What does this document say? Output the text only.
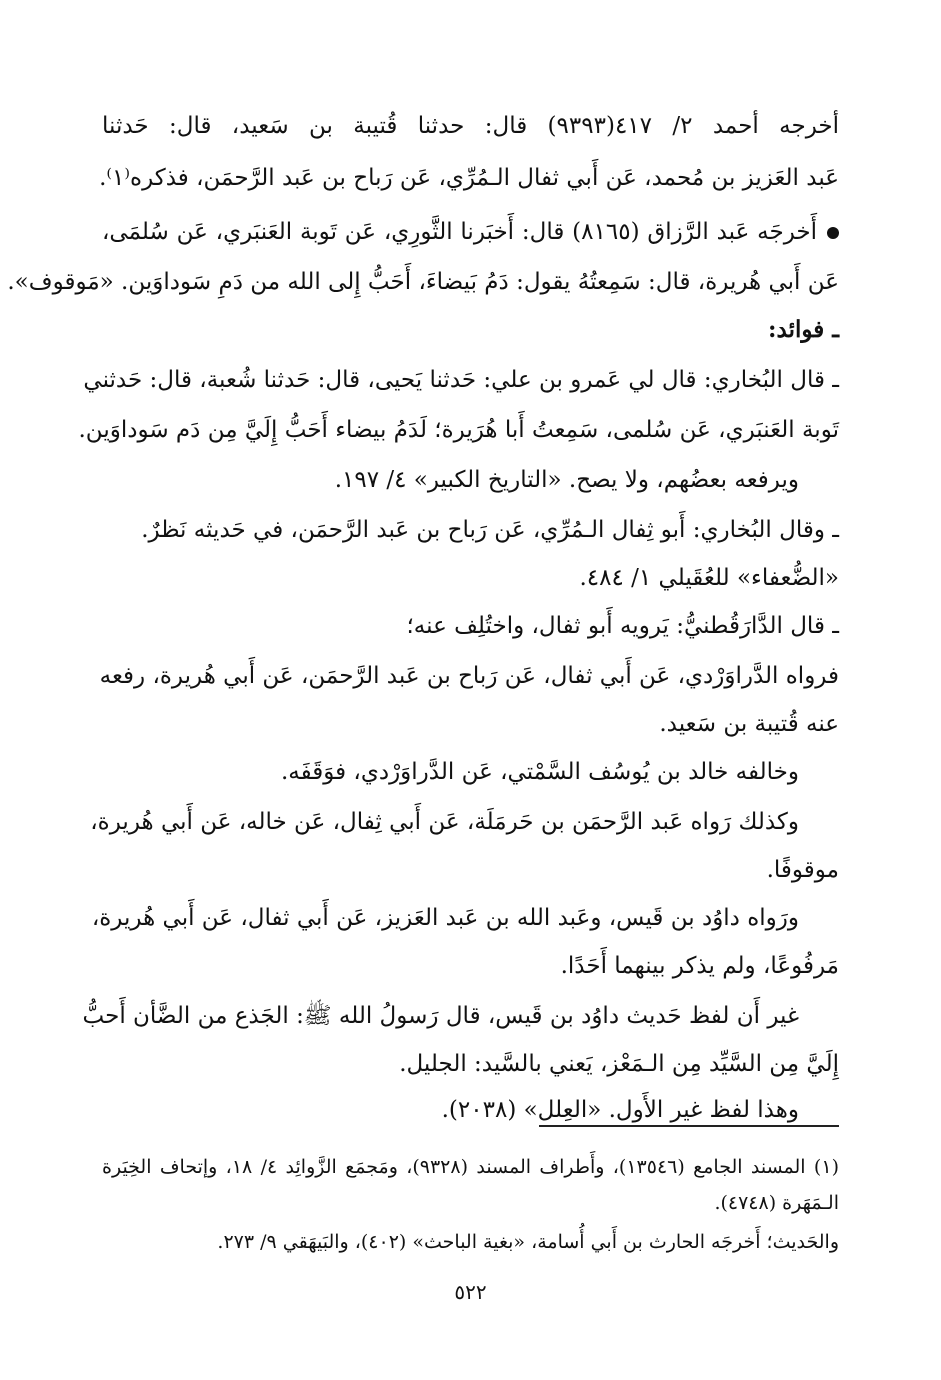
أخرجه أحمد ٢/ ٤١٧(٩٣٩٣) قال: حدثنا قُتيبة بن سَعيد، قال: حَدثنا
عَبد العَزيز بن مُحمد، عَن أَبي ثفال الـمُرِّي، عَن رَباح بن عَبد الرَّحمَن، فذكره⁽١⁾.
أَخرجَه عَبد الرَّزاق (٨١٦٥) قال: أَخبَرنا الثَّورِي، عَن تَوبة العَنبَري، عَن سُلمَى،
عَن أَبي هُريرة، قال: سَمِعتُهُ يقول: دَمُ بَيضاءَ، أَحَبُّ إِلى الله من دَمِ سَوداوَين. «مَوقوف».
ـ فوائد:
ـ قال البُخاري: قال لي عَمرو بن علي: حَدثنا يَحيى، قال: حَدثنا شُعبة، قال: حَدثني
تَوبة العَنبَري، عَن سُلمى، سَمِعتُ أَبا هُرَيرة؛ لَدَمُ بيضاء أَحَبُّ إِلَيَّ مِن دَم سَوداوَين.
ويرفعه بعضُهم، ولا يصح. «التاريخ الكبير» ٤/ ١٩٧.
ـ وقال البُخاري: أَبو ثِفال الـمُرِّي، عَن رَباح بن عَبد الرَّحمَن، في حَديثه نَظرٌ.
«الضُّعفاء» للعُقَيلي ١/ ٤٨٤.
ـ قال الدَّارَقُطنيُّ: يَرويه أَبو ثفال، واختُلِف عنه؛
فرواه الدَّراوَرْدي، عَن أَبي ثفال، عَن رَباح بن عَبد الرَّحمَن، عَن أَبي هُريرة، رفعه
عنه قُتيبة بن سَعيد.
وخالفه خالد بن يُوسُف السَّمْتي، عَن الدَّراوَرْدي، فوَقَفَه.
وكذلك رَواه عَبد الرَّحمَن بن حَرمَلَة، عَن أَبي ثِفال، عَن خاله، عَن أَبي هُريرة،
موقوفًا.
ورَواه داوُد بن قَيس، وعَبد الله بن عَبد العَزيز، عَن أَبي ثفال، عَن أَبي هُريرة،
مَرفُوعًا، ولم يذكر بينهما أَحَدًا.
غير أَن لفظ حَديث داوُد بن قَيس، قال رَسولُ الله ﷺ: الجَذع من الضَّأن أَحبُّ
إِلَيَّ مِن السَّيِّد مِن الـمَعْز، يَعني بالسَّيد: الجليل.
وهذا لفظ غير الأَول. «العِلل» (٢٠٣٨).
(١) المسند الجامع (١٣٥٤٦)، وأَطراف المسند (٩٣٢٨)، ومَجمَع الزَّوائِد ٤/ ١٨، وإتحاف الخِيَرة
الـمَهَرة (٤٧٤٨).
والحَديث؛ أَخرجَه الحارث بن أَبي أُسامة، «بغية الباحث» (٤٠٢)، والبَيهَقي ٩/ ٢٧٣.
٥٢٢
